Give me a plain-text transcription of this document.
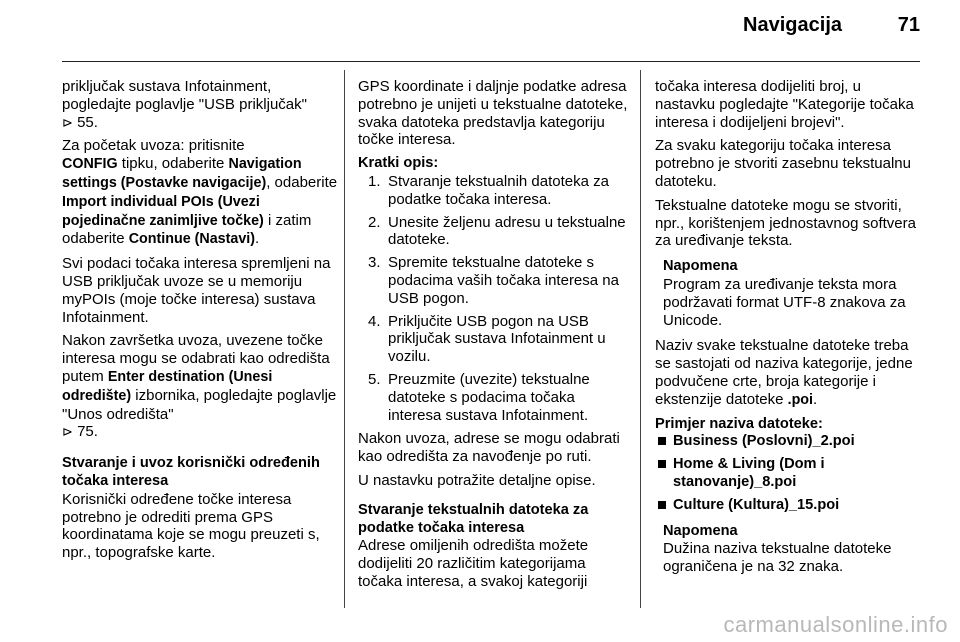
Navigacija	71

priključak sustava Infotainment, pogledajte poglavlje "USB priključak"
⊳ 55.

Za početak uvoza: pritisnite
CONFIG tipku, odaberite Navigation settings (Postavke navigacije), odaberite Import individual POIs (Uvezi pojedinačne zanimljive točke) i zatim odaberite Continue (Nastavi).

Svi podaci točaka interesa spremljeni na USB priključak uvoze se u memoriju myPOIs (moje točke interesa) sustava Infotainment.

Nakon završetka uvoza, uvezene točke interesa mogu se odabrati kao odredišta putem Enter destination (Unesi odredište) izbornika, pogledajte poglavlje "Unos odredišta"
⊳ 75.

Stvaranje i uvoz korisnički određenih točaka interesa

Korisnički određene točke interesa potrebno je odrediti prema GPS koordinatama koje se mogu preuzeti s, npr., topografske karte.

GPS koordinate i daljnje podatke adresa potrebno je unijeti u tekstualne datoteke, svaka datoteka predstavlja kategoriju točke interesa.

Kratki opis:

1. Stvaranje tekstualnih datoteka za podatke točaka interesa.
2. Unesite željenu adresu u tekstualne datoteke.
3. Spremite tekstualne datoteke s podacima vaših točaka interesa na USB pogon.
4. Priključite USB pogon na USB priključak sustava Infotainment u vozilu.
5. Preuzmite (uvezite) tekstualne datoteke s podacima točaka interesa sustava Infotainment.

Nakon uvoza, adrese se mogu odabrati kao odredišta za navođenje po ruti.

U nastavku potražite detaljne opise.

Stvaranje tekstualnih datoteka za podatke točaka interesa

Adrese omiljenih odredišta možete dodijeliti 20 različitim kategorijama točaka interesa, a svakoj kategoriji

točaka interesa dodijeliti broj, u nastavku pogledajte "Kategorije točaka interesa i dodijeljeni brojevi".

Za svaku kategoriju točaka interesa potrebno je stvoriti zasebnu tekstualnu datoteku.

Tekstualne datoteke mogu se stvoriti, npr., korištenjem jednostavnog softvera za uređivanje teksta.

Napomena
Program za uređivanje teksta mora podržavati format UTF-8 znakova za Unicode.

Naziv svake tekstualne datoteke treba se sastojati od naziva kategorije, jedne podvučene crte, broja kategorije i ekstenzije datoteke .poi.

Primjer naziva datoteke:

Business (Poslovni)_2.poi
Home & Living (Dom i stanovanje)_8.poi
Culture (Kultura)_15.poi
Napomena
Dužina naziva tekstualne datoteke ograničena je na 32 znaka.
carmanualsonline.info
